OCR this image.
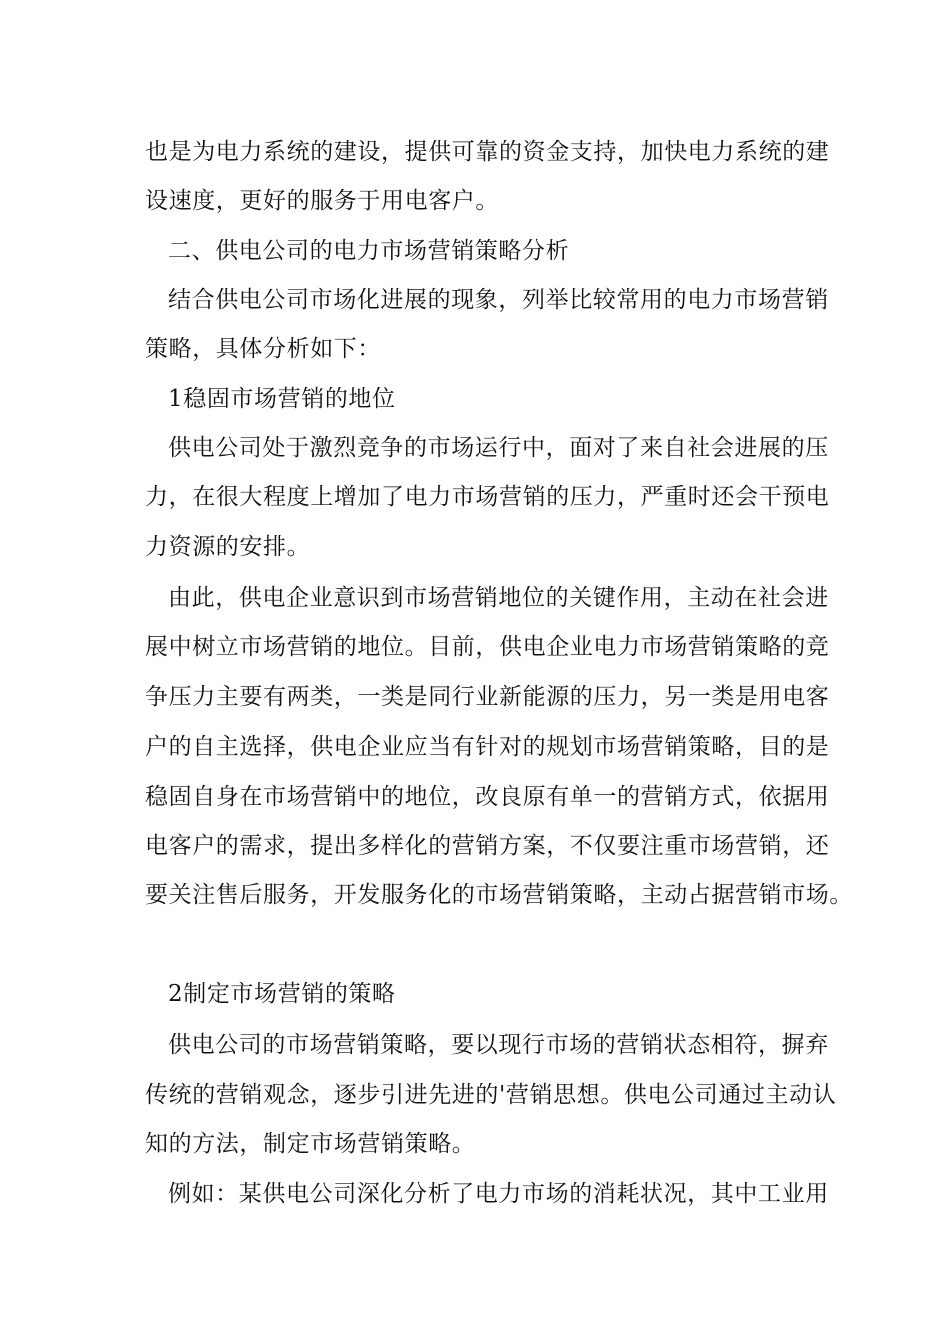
也是为电力系统的建设，提供可靠的资金支持，加快电力系统的建
设速度，更好的服务于用电客户。
二、供电公司的电力市场营销策略分析
结合供电公司市场化进展的现象，列举比较常用的电力市场营销
策略，具体分析如下：
1稳固市场营销的地位
供电公司处于激烈竞争的市场运行中，面对了来自社会进展的压
力，在很大程度上增加了电力市场营销的压力，严重时还会干预电
力资源的安排。
由此，供电企业意识到市场营销地位的关键作用，主动在社会进
展中树立市场营销的地位。目前，供电企业电力市场营销策略的竞
争压力主要有两类，一类是同行业新能源的压力，另一类是用电客
户的自主选择，供电企业应当有针对的规划市场营销策略，目的是
稳固自身在市场营销中的地位，改良原有单一的营销方式，依据用
电客户的需求，提出多样化的营销方案，不仅要注重市场营销，还
要关注售后服务，开发服务化的市场营销策略，主动占据营销市场。
2制定市场营销的策略
供电公司的市场营销策略，要以现行市场的营销状态相符，摒弃
传统的营销观念，逐步引进先进的'营销思想。供电公司通过主动认
知的方法，制定市场营销策略。
例如：某供电公司深化分析了电力市场的消耗状况，其中工业用
